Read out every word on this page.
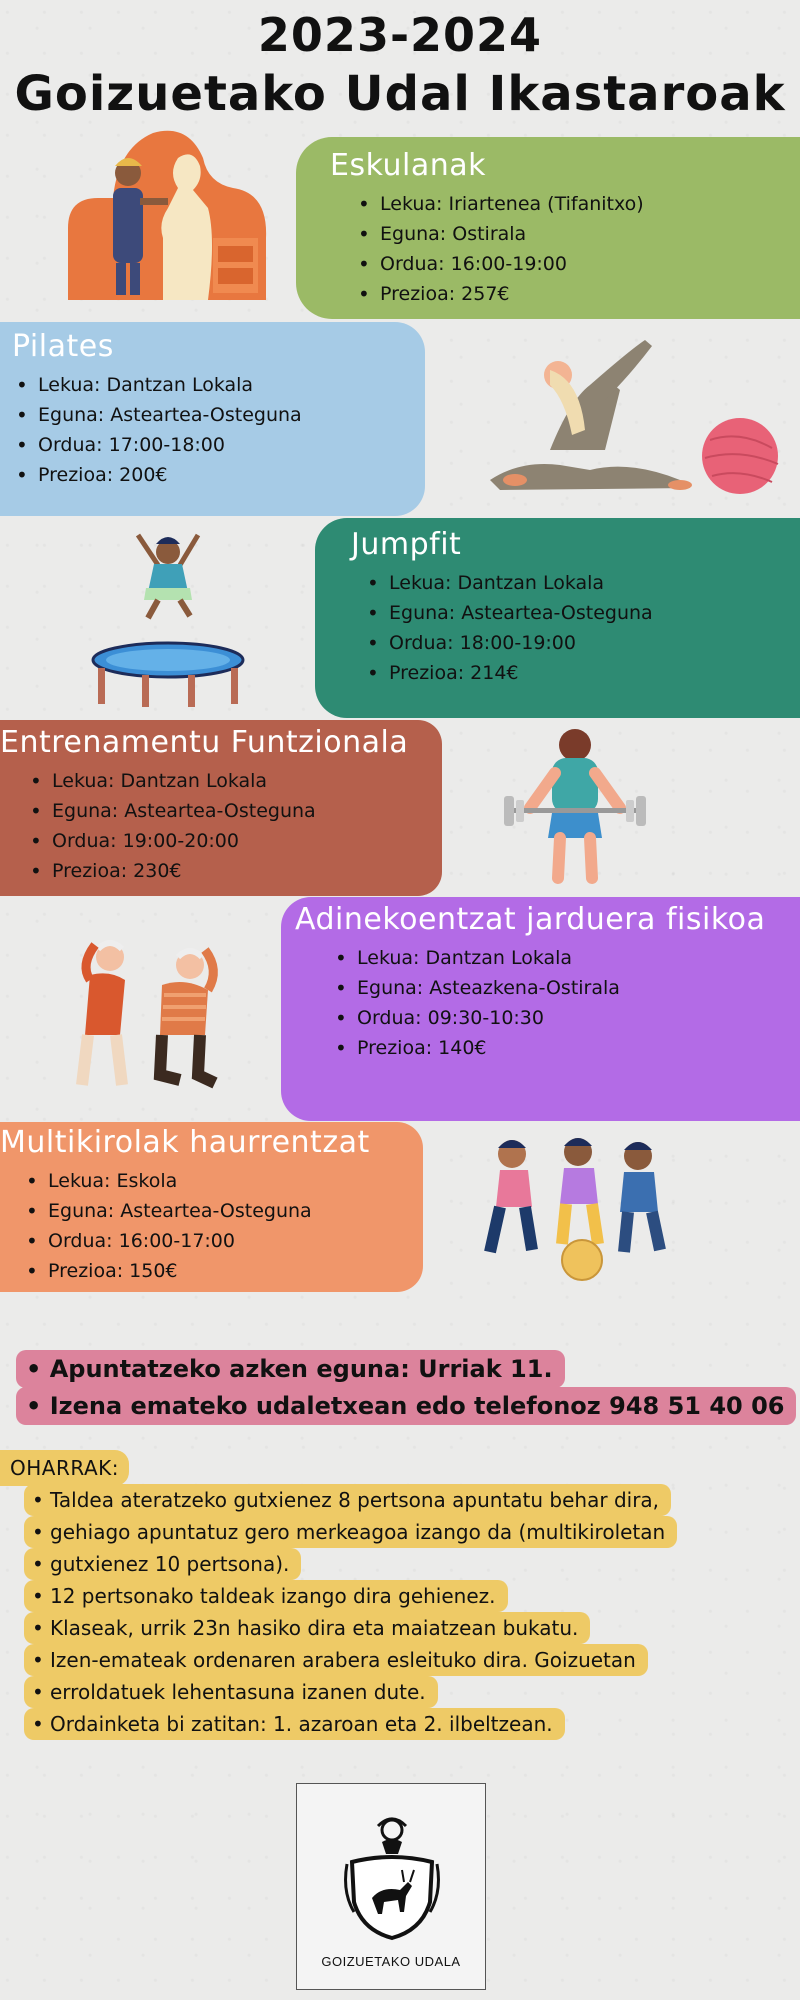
2023-2024
Goizuetako Udal Ikastaroak
Eskulanak
• Lekua: Iriartenea (Tifanitxo)
• Eguna: Ostirala
• Ordua: 16:00-19:00
• Prezioa: 257€
Pilates
• Lekua: Dantzan Lokala
• Eguna: Asteartea-Osteguna
• Ordua: 17:00-18:00
• Prezioa: 200€
Jumpfit
• Lekua: Dantzan Lokala
• Eguna: Asteartea-Osteguna
• Ordua: 18:00-19:00
• Prezioa: 214€
Entrenamentu Funtzionala
• Lekua: Dantzan Lokala
• Eguna: Asteartea-Osteguna
• Ordua: 19:00-20:00
• Prezioa: 230€
Adinekoentzat jarduera fisikoa
• Lekua: Dantzan Lokala
• Eguna: Asteazkena-Ostirala
• Ordua: 09:30-10:30
• Prezioa: 140€
Multikirolak haurrentzat
• Lekua: Eskola
• Eguna: Asteartea-Osteguna
• Ordua: 16:00-17:00
• Prezioa: 150€
• Apuntatzeko azken eguna: Urriak 11.
• Izena emateko udaletxean edo telefonoz 948 51 40 06
OHARRAK:
• Taldea ateratzeko gutxienez 8 pertsona apuntatu behar dira,
• gehiago apuntatuz gero merkeagoa izango da (multikiroletan
• gutxienez 10 pertsona).
• 12 pertsonako taldeak izango dira gehienez.
• Klaseak, urrik 23n hasiko dira eta maiatzean bukatu.
• Izen-emateak ordenaren arabera esleituko dira. Goizuetan
• erroldatuek lehentasuna izanen dute.
• Ordainketa bi zatitan: 1. azaroan eta 2. ilbeltzean.
GOIZUETAKO UDALA
